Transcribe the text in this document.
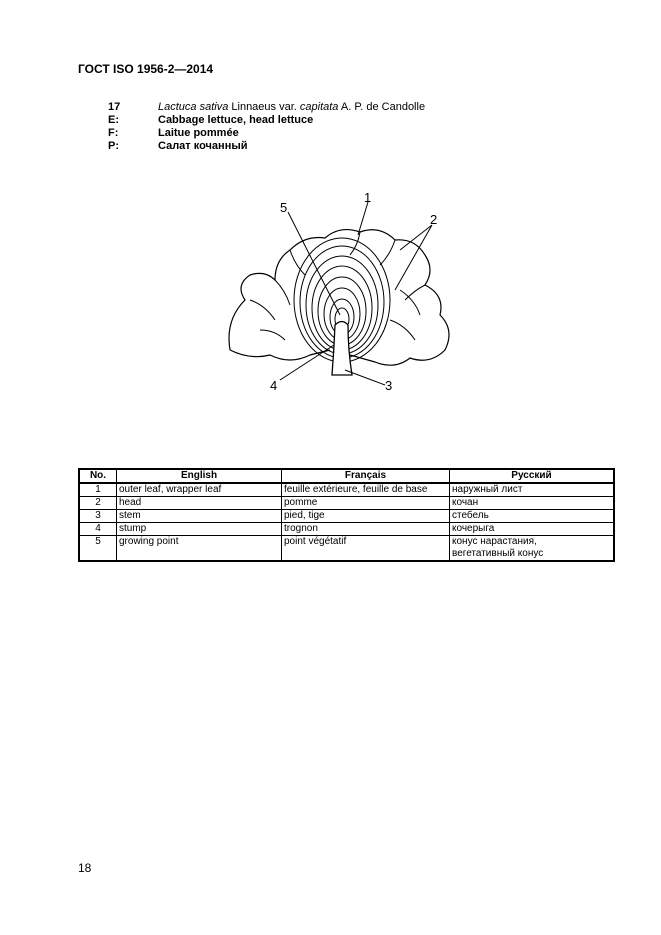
ГОСТ ISO 1956-2—2014
17	Lactuca sativa Linnaeus var. capitata A. P. de Candolle
E:	Cabbage lettuce, head lettuce
F:	Laitue pommée
P:	Салат кочанный
1
2
3
4
5
No.	English	Français	Русский
1	outer leaf, wrapper leaf	feuille extérieure, feuille de base	наружный лист
2	head	pomme	кочан
3	stem	pied, tige	стебель
4	stump	trognon	кочерыга
5	growing point	point végétatif	конус нарастания,
вегетативный конус
18
